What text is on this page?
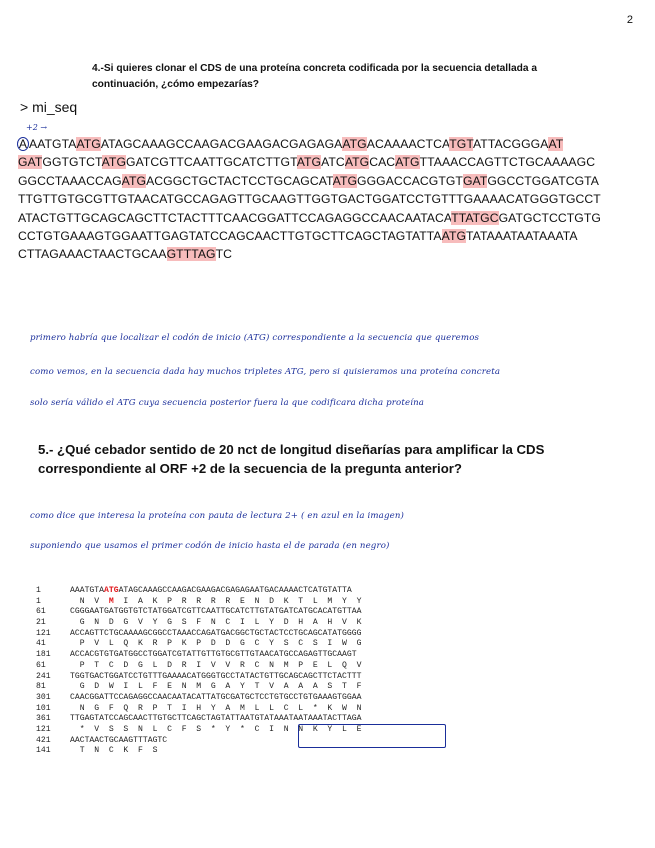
2
4.-Si quieres clonar el CDS de una proteína concreta codificada por la secuencia detallada a continuación, ¿cómo empezarías?
> mi_seq
+2 →
A AATGTAATGATAGCAAAGCCAAGACGAAGACGAGAGAATGACAAAACTCATGTATTACGGGAAT
GATGGTGTCTATGGATCGTTCAATTGCATCTTGTATGATCATGCACATGTTAAACCAGTTCTGCAAAAGC
GGCCTAAACCAGATGACGGCTGCTACTCCTGCAGCATATGGGGACCACGTGTGATGGCCTGGATCGTA
TTGTTGTGCGTTGTAACATGCCAGAGTTGCAAGTTGGTGACTGGATCCTGTTTGAAAACATGGGTGCCT
ATACTGTTGCAGCAGCTTCTACTTTCAACGGATTCCAGAGGCCAACAATACATTATGCGATGCTCCTGTG
CCTGTGAAAGTGGAATTGAGTATCCAGCAACTTGTGCTTCAGCTAGTATTAATGTATAAATAATAAATA
CTTAGAAACTAACTGCAAGTTTAGTC
primero habría que localizar el codón de inicio (ATG) correspondiente a la secuencia que queremos
como vemos, en la secuencia dada hay muchos tripletes ATG, pero si quisieramos una proteína concreta
solo sería válido el ATG cuya secuencia posterior fuera la que codificara dicha proteína
5.- ¿Qué cebador sentido de 20 nct de longitud diseñarías para amplificar la CDS correspondiente al ORF +2 de la secuencia de la pregunta anterior?
como dice que interesa la proteína con pauta de lectura 2+ ( en azul en la imagen)
suponiendo que usamos el primer codón de inicio hasta el de parada (en negro)
1	AAATGTAATGATAGCAAAGCCAAGACGAAGACGAGAGAATGACAAAACTCATGTATTA
1	N  V  M  I  A  K  P  R  R  R  R  E  N  D  K  T  L  M  Y  Y
61	CGGGAATGATGGTGTCTATGGATCGTTCAATTGCATCTTGTATGATCATGCACATGTTAA
21	G  N  D  G  V  Y  G  S  F  N  C  I  L  Y  D  H  A  H  V  K
121 ACCAGTTCTGCAAAAGCGGCCTAAACCAGATGACGGCTGCTACTCCTGCAGCATATGGGG
41	P  V  L  Q  K  R  P  K  P  D  D  G  C  Y  S  C  S  I  W  G
181 ACCACGTGTGATGGCCTGGATCGTATTGTTGTGCGTTGTAACATGCCAGAGTTGCAAGT
61	P  T  C  D  G  L  D  R  I  V  V  R  C  N  M  P  E  L  Q  V
241 TGGTGACTGGATCCTGTTTGAAAACATGGGTGCCTATACTGTTGCAGCAGCTTCTACTTT
81	G  D  W  I  L  F  E  N  M  G  A  Y  T  V  A  A  A  S  T  F
301 CAACGGATTCCAGAGGCCAACAATACATTATGCGATGCTCCTGTGCCTGTGAAAGTGGAA
101  N  G  F  Q  R  P  T  I  H  Y  A  M  L  L  C  L  *  K  W  N
361 TTGAGTATCCAGCAACTTGTGCTTCAGCTAGTATTAATGTATAAATAATAAATACTTAGA
121  *  V  S  S  N  L  C  F  S  *  Y  *  C  I  N  N  K  Y  L  E
421 AACTAACTGCAAGTTTAGTC
141  T  N  C  K  F  S
